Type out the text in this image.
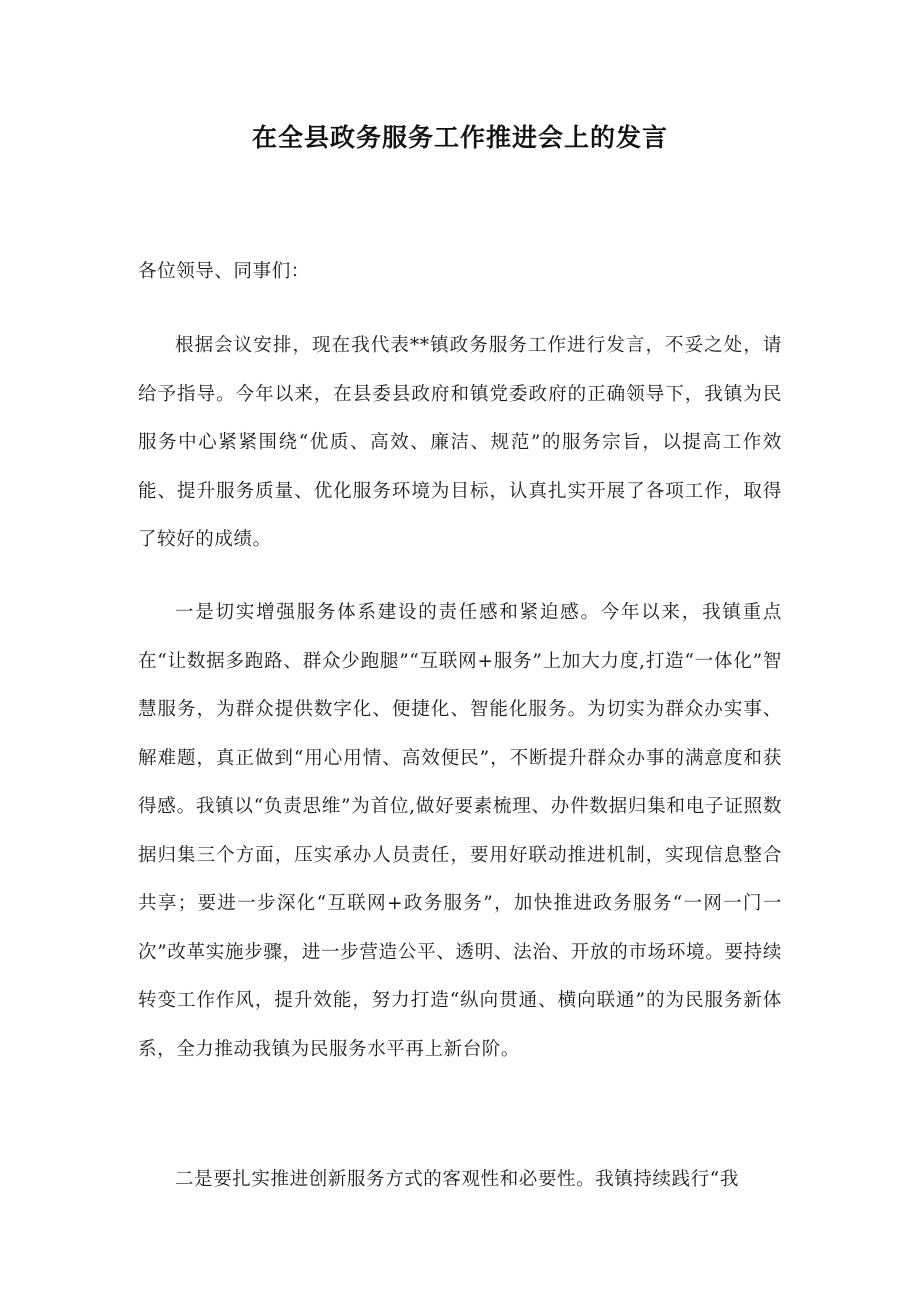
在全县政务服务工作推进会上的发言

各位领导、同事们：

根据会议安排，现在我代表**镇政务服务工作进行发言，不妥之处，请给予指导。今年以来，在县委县政府和镇党委政府的正确领导下，我镇为民服务中心紧紧围绕“优质、高效、廉洁、规范”的服务宗旨，以提高工作效能、提升服务质量、优化服务环境为目标，认真扎实开展了各项工作，取得了较好的成绩。

一是切实增强服务体系建设的责任感和紧迫感。今年以来，我镇重点在“让数据多跑路、群众少跑腿”“互联网+服务”上加大力度,打造“一体化”智慧服务，为群众提供数字化、便捷化、智能化服务。为切实为群众办实事、解难题，真正做到“用心用情、高效便民”，不断提升群众办事的满意度和获得感。我镇以“负责思维”为首位,做好要素梳理、办件数据归集和电子证照数据归集三个方面，压实承办人员责任，要用好联动推进机制，实现信息整合共享；要进一步深化“互联网+政务服务”，加快推进政务服务“一网一门一次”改革实施步骤，进一步营造公平、透明、法治、开放的市场环境。要持续转变工作作风，提升效能，努力打造“纵向贯通、横向联通”的为民服务新体系，全力推动我镇为民服务水平再上新台阶。

二是要扎实推进创新服务方式的客观性和必要性。我镇持续践行“我
